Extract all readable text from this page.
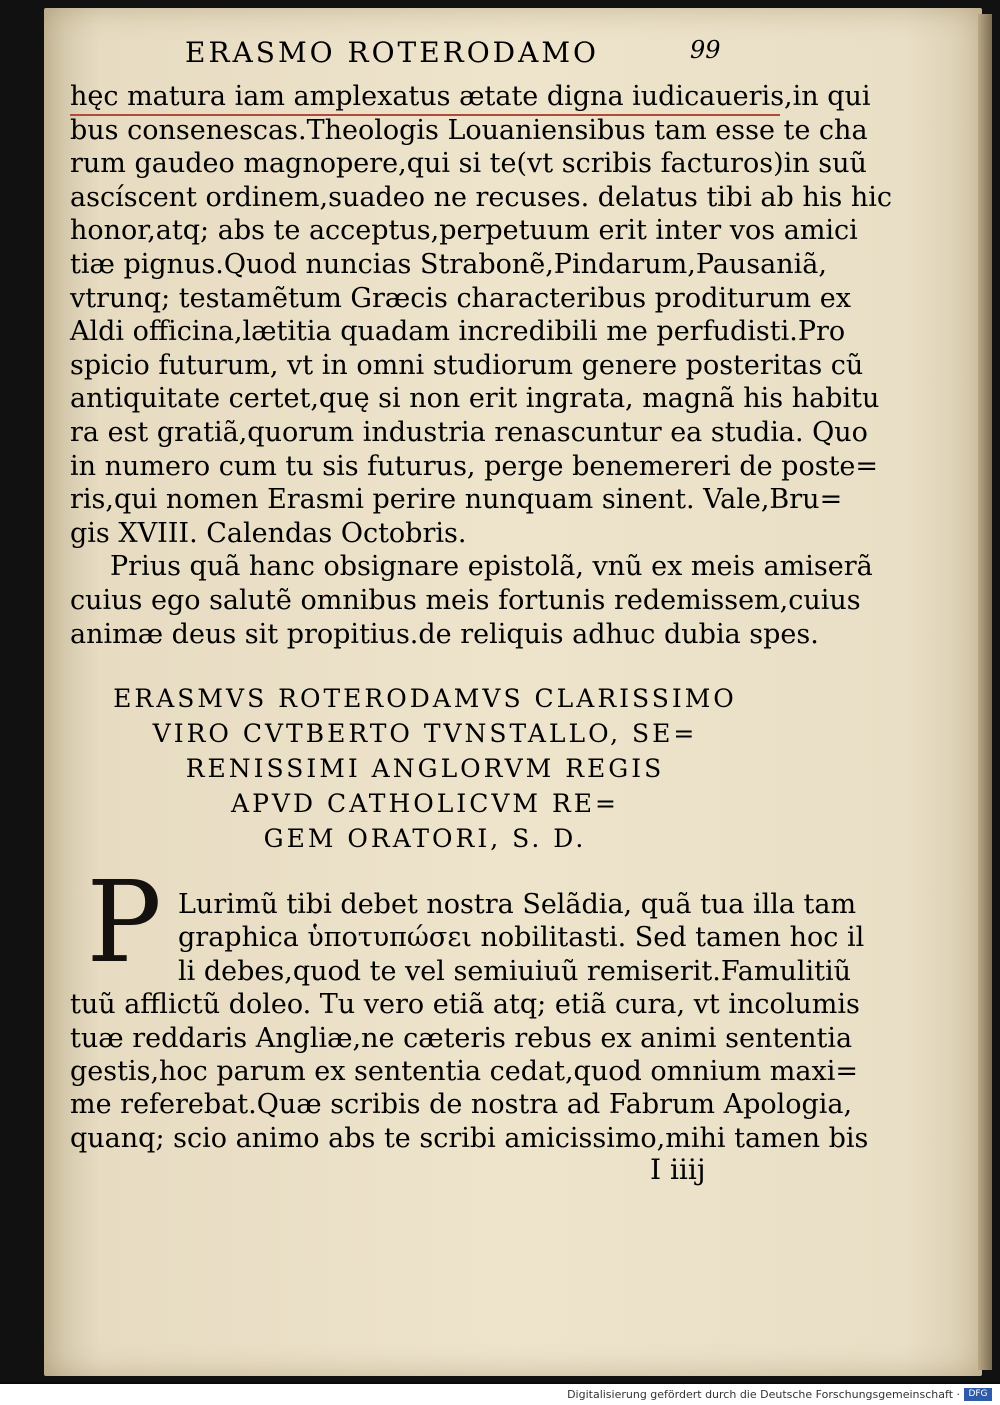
ERASMO ROTERODAMO	99
hęc matura iam amplexatus ætate digna iudicaueris,in qui
bus consenescas.Theologis Louaniensibus tam esse te cha
rum gaudeo magnopere,qui si te(vt scribis facturos)in suũ
ascíscent ordinem,suadeo ne recuses. delatus tibi ab his hic
honor,atq; abs te acceptus,perpetuum erit inter vos amici
tiæ pignus.Quod nuncias Strabonẽ,Pindarum,Pausaniã,
vtrunq; testamẽtum Græcis characteribus proditurum ex
Aldi officina,lætitia quadam incredibili me perfudisti.Pro
spicio futurum, vt in omni studiorum genere posteritas cũ
antiquitate certet,quę si non erit ingrata, magnã his habitu
ra est gratiã,quorum industria renascuntur ea studia. Quo
in numero cum tu sis futurus, perge benemereri de poste=
ris,qui nomen Erasmi perire nunquam sinent. Vale,Bru=
gis XVIII. Calendas Octobris.
Prius quã hanc obsignare epistolã, vnũ ex meis amiserã
cuius ego salutẽ omnibus meis fortunis redemissem,cuius
animæ deus sit propitius.de reliquis adhuc dubia spes.
ERASMVS ROTERODAMVS CLARISSIMO
VIRO CVTBERTO TVNSTALLO, SE=
RENISSIMI ANGLORVM REGIS
APVD CATHOLICVM RE=
GEM ORATORI, S. D.
P Lurimũ tibi debet nostra Selãdia, quã tua illa tam
graphica ὑποτυπώσει nobilitasti. Sed tamen hoc il
li debes,quod te vel semiuiuũ remiserit.Famulitiũ
tuũ afflictũ doleo. Tu vero etiã atq; etiã cura, vt incolumis
tuæ reddaris Angliæ,ne cæteris rebus ex animi sententia
gestis,hoc parum ex sententia cedat,quod omnium maxi=
me referebat.Quæ scribis de nostra ad Fabrum Apologia,
quanq; scio animo abs te scribi amicissimo,mihi tamen bis
I iiij
Digitalisierung gefördert durch die Deutsche Forschungsgemeinschaft · DFG
